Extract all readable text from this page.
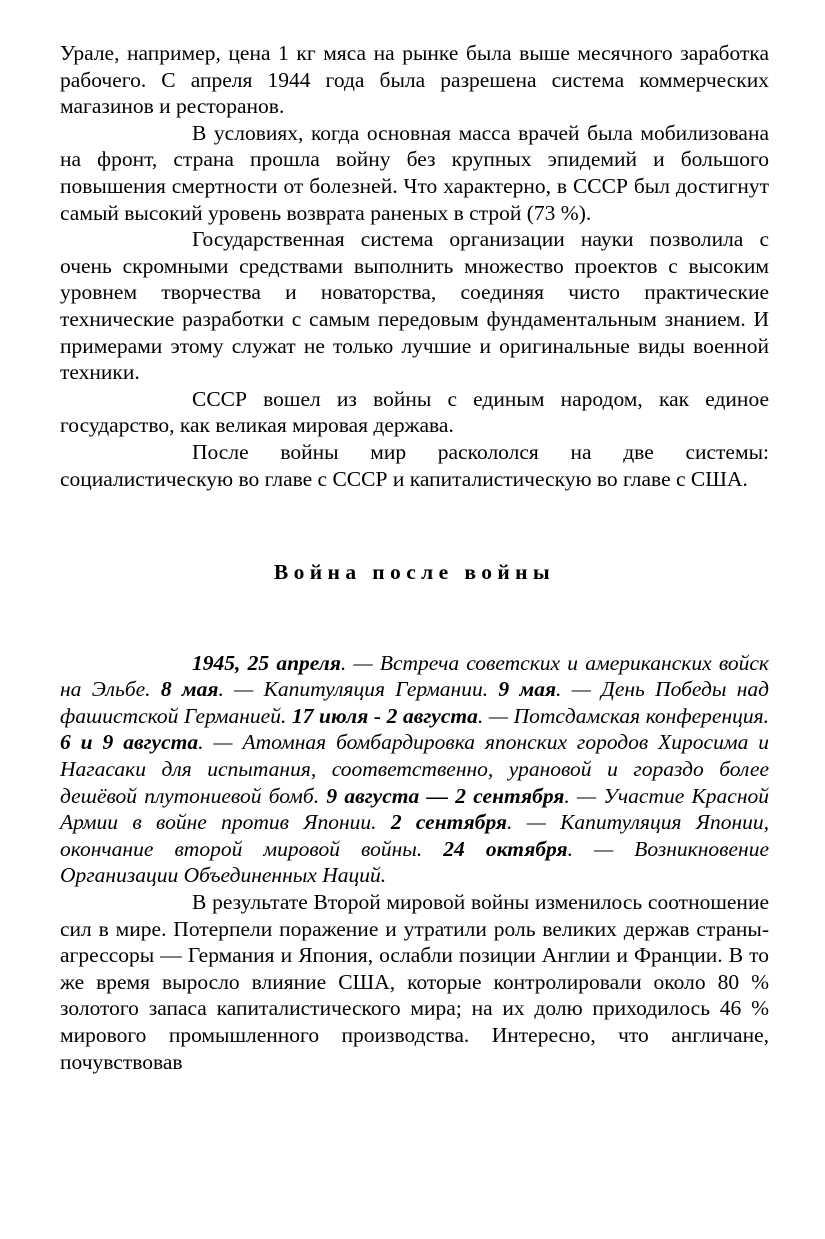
Урале, например, цена 1 кг мяса на рынке была выше месячного заработка рабочего. С апреля 1944 года была разрешена система коммерческих магазинов и ресторанов.

В условиях, когда основная масса врачей была мобилизована на фронт, страна прошла войну без крупных эпидемий и большого повышения смертности от болезней. Что характерно, в СССР был достигнут самый высокий уровень возврата раненых в строй (73 %).

Государственная система организации науки позволила с очень скромными средствами выполнить множество проектов с высоким уровнем творчества и новаторства, соединяя чисто практические технические разработки с самым передовым фундаментальным знанием. И примерами этому служат не только лучшие и оригинальные виды военной техники.

СССР вошел из войны с единым народом, как единое государство, как великая мировая держава.

После войны мир раскололся на две системы: социалистическую во главе с СССР и капиталистическую во главе с США.

Война после войны

1945, 25 апреля. — Встреча советских и американских войск на Эльбе. 8 мая. — Капитуляция Германии. 9 мая. — День Победы над фашистской Германией. 17 июля - 2 августа. — Потсдамская конференция. 6 и 9 августа. — Атомная бомбардировка японских городов Хиросима и Нагасаки для испытания, соответственно, урановой и гораздо более дешёвой плутониевой бомб. 9 августа — 2 сентября. — Участие Красной Армии в войне против Японии. 2 сентября. — Капитуляция Японии, окончание второй мировой войны. 24 октября. — Возникновение Организации Объединенных Наций.

В результате Второй мировой войны изменилось соотношение сил в мире. Потерпели поражение и утратили роль великих держав страны-агрессоры — Германия и Япония, ослабли позиции Англии и Франции. В то же время выросло влияние США, которые контролировали около 80 % золотого запаса капиталистического мира; на их долю приходилось 46 % мирового промышленного производства. Интересно, что англичане, почувствовав
